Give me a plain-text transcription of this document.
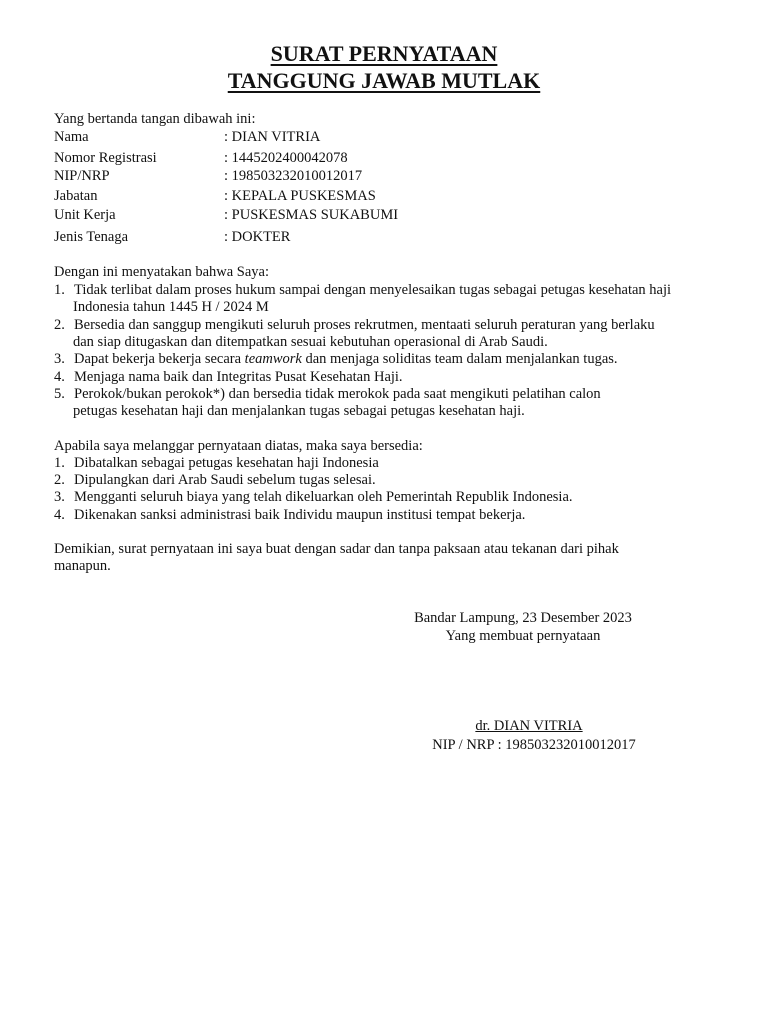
SURAT PERNYATAAN
TANGGUNG JAWAB MUTLAK
Yang bertanda tangan dibawah ini:
Nama	: DIAN VITRIA
Nomor Registrasi	: 1445202400042078
NIP/NRP	: 198503232010012017
Jabatan	: KEPALA PUSKESMAS
Unit Kerja	: PUSKESMAS SUKABUMI
Jenis Tenaga	: DOKTER
Dengan ini menyatakan bahwa Saya:
1. Tidak terlibat dalam proses hukum sampai dengan menyelesaikan tugas sebagai petugas kesehatan haji
Indonesia tahun 1445 H / 2024 M
2. Bersedia dan sanggup mengikuti seluruh proses rekrutmen, mentaati seluruh peraturan yang berlaku
dan siap ditugaskan dan ditempatkan sesuai kebutuhan operasional di Arab Saudi.
3. Dapat bekerja bekerja secara teamwork dan menjaga soliditas team dalam menjalankan tugas.
4. Menjaga nama baik dan Integritas Pusat Kesehatan Haji.
5. Perokok/bukan perokok*) dan bersedia tidak merokok pada saat mengikuti pelatihan calon
petugas kesehatan haji dan menjalankan tugas sebagai petugas kesehatan haji.
Apabila saya melanggar pernyataan diatas, maka saya bersedia:
1. Dibatalkan sebagai petugas kesehatan haji Indonesia
2. Dipulangkan dari Arab Saudi sebelum tugas selesai.
3. Mengganti seluruh biaya yang telah dikeluarkan oleh Pemerintah Republik Indonesia.
4. Dikenakan sanksi administrasi baik Individu maupun institusi tempat bekerja.
Demikian, surat pernyataan ini saya buat dengan sadar dan tanpa paksaan atau tekanan dari pihak
manapun.
Bandar Lampung, 23 Desember 2023
Yang membuat pernyataan
dr. DIAN VITRIA
NIP / NRP : 198503232010012017
